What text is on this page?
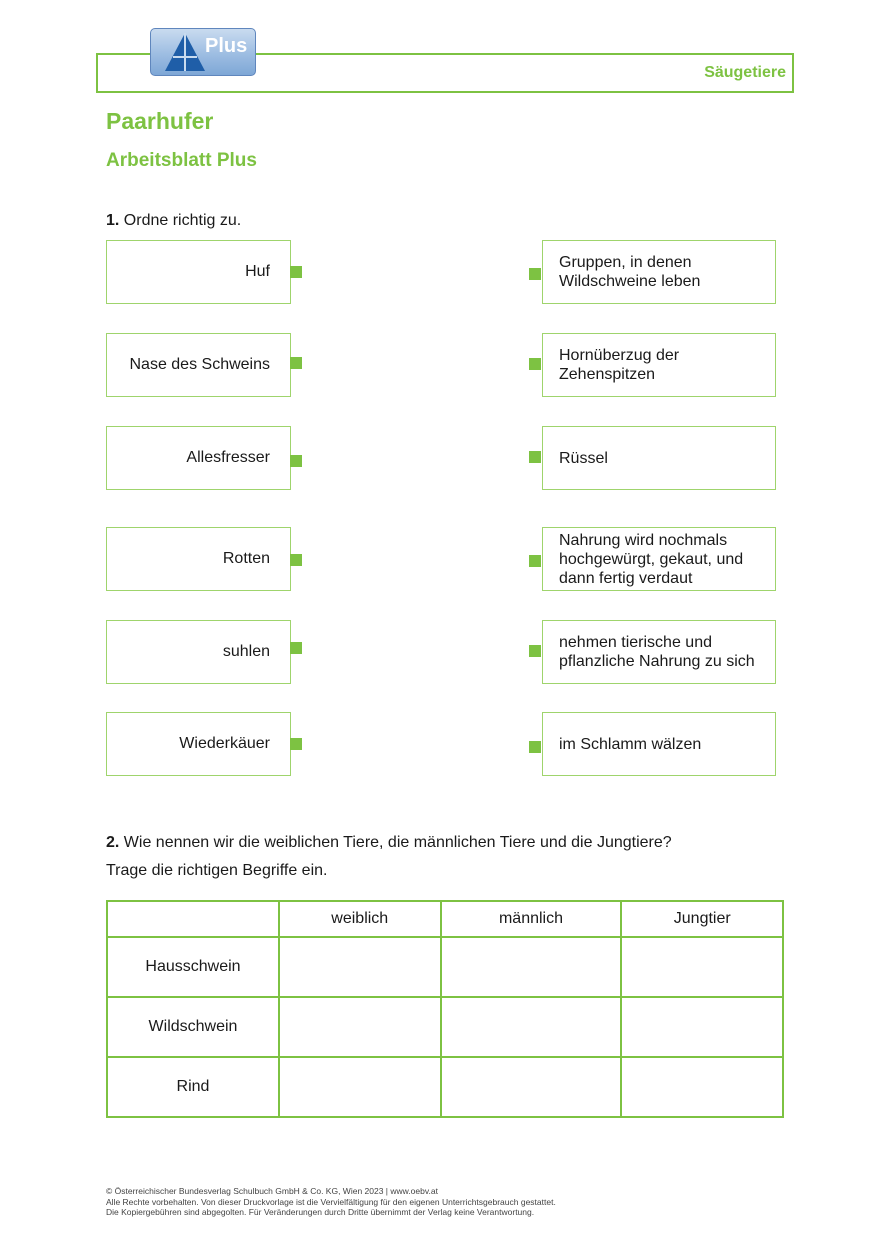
Plus
Säugetiere
Paarhufer
Arbeitsblatt Plus
1. Ordne richtig zu.
Huf
Nase des Schweins
Allesfresser
Rotten
suhlen
Wiederkäuer
Gruppen, in denen
Wildschweine leben
Hornüberzug der
Zehenspitzen
Rüssel
Nahrung wird nochmals
hochgewürgt, gekaut, und
dann fertig verdaut
nehmen tierische und
pflanzliche Nahrung zu sich
im Schlamm wälzen
2. Wie nennen wir die weiblichen Tiere, die männlichen Tiere und die Jungtiere?
Trage die richtigen Begriffe ein.
	weiblich	männlich	Jungtier
Hausschwein			
Wildschwein			
Rind			
© Österreichischer Bundesverlag Schulbuch GmbH & Co. KG, Wien 2023 | www.oebv.at
Alle Rechte vorbehalten. Von dieser Druckvorlage ist die Vervielfältigung für den eigenen Unterrichtsgebrauch gestattet.
Die Kopiergebühren sind abgegolten. Für Veränderungen durch Dritte übernimmt der Verlag keine Verantwortung.
